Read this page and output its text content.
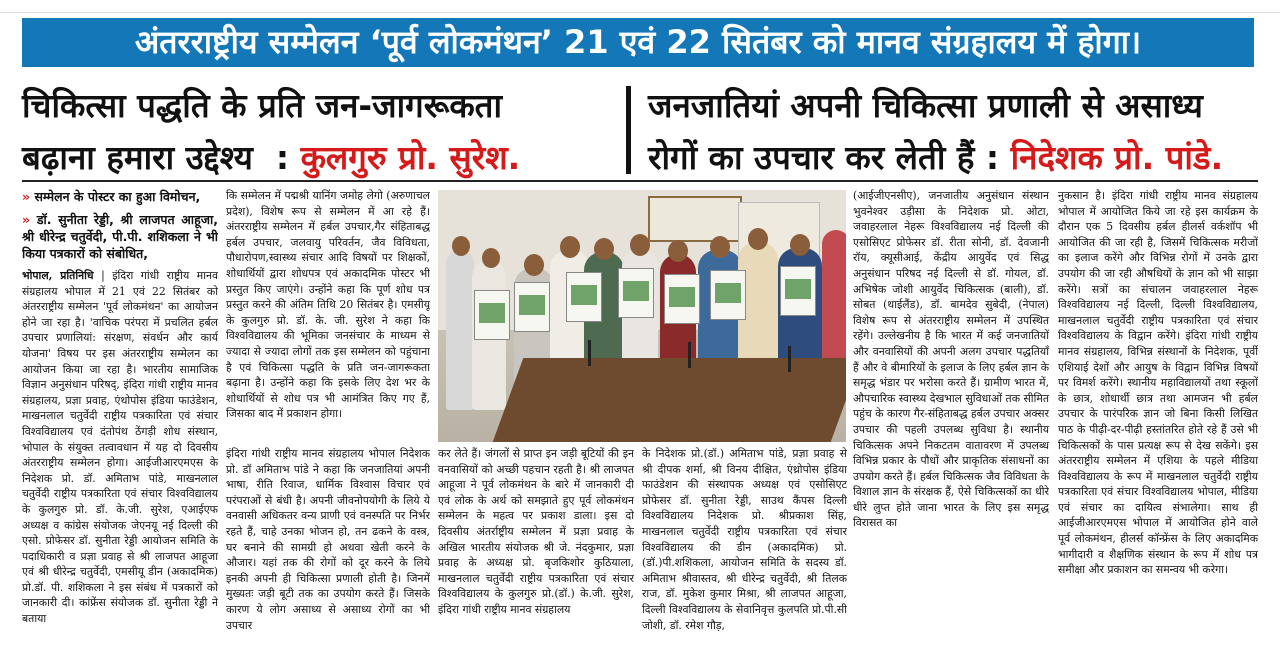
अंतरराष्ट्रीय सम्मेलन ‘पूर्व लोकमंथन’ 21 एवं 22 सितंबर को मानव संग्रहालय में होगा।
चिकित्सा पद्धति के प्रति जन-जागरूकता
बढ़ाना हमारा उद्देश्य  : कुलगुरु प्रो. सुरेश.
जनजातियां अपनी चिकित्सा प्रणाली से असाध्य
रोगों का उपचार कर लेती हैं : निदेशक प्रो. पांडे.
» सम्मेलन के पोस्टर का हुआ विमोचन,
» डॉ. सुनीता रेड्डी, श्री लाजपत आहूजा, श्री धीरेन्द्र चतुर्वेदी, पी.पी. शशिकला ने भी किया पत्रकारों को संबोधित,

भोपाल, प्रतिनिधि | इंदिरा गांधी राष्ट्रीय मानव संग्रहालय भोपाल में 21 एवं 22 सितंबर को अंतरराष्ट्रीय सम्मेलन 'पूर्व लोकमंथन' का आयोजन होने जा रहा है। 'वाचिक परंपरा में प्रचलित हर्बल उपचार प्रणालियां: संरक्षण, संवर्धन और कार्य योजना' विषय पर इस अंतरराष्ट्रीय सम्मेलन का आयोजन किया जा रहा है। भारतीय सामाजिक विज्ञान अनुसंधान परिषद्, इंदिरा गांधी राष्ट्रीय मानव संग्रहालय, प्रज्ञा प्रवाह, एंथोपोस इंडिया फाउंडेशन, माखनलाल चतुर्वेदी राष्ट्रीय पत्रकारिता एवं संचार विश्वविद्यालय एवं दंतोपंथ ठेंगड़ी शोध संस्थान, भोपाल के संयुक्त तत्वावधान में यह दो दिवसीय अंतरराष्ट्रीय सम्मेलन होगा। आईजीआरएमएस के निदेशक प्रो. डॉ. अमिताभ पांडे, माखनलाल चतुर्वेदी राष्ट्रीय पत्रकारिता एवं संचार विश्वविद्यालय के कुलगुरु प्रो. डॉ. के.जी. सुरेश, एआईएफ अध्यक्ष व कांग्रेस संयोजक जेएनयू नई दिल्ली की एसो. प्रोफेसर डॉ. सुनीता रेड्डी आयोजन समिति के पदाधिकारी व प्रज्ञा प्रवाह से श्री लाजपत आहूजा एवं श्री धीरेन्द्र चतुर्वेदी, एमसीयू डीन (अकादमिक) प्रो.डॉ. पी. शशिकला ने इस संबंध में पत्रकारों को जानकारी दी। कांफ्रेंस संयोजक डॉ. सुनीता रेड्डी ने बताया

कि सम्मेलन में पद्मश्री यानिंग जमोह लेगो (अरुणाचल प्रदेश), विशेष रूप से सम्मेलन में आ रहे हैं। अंतरराष्ट्रीय सम्मेलन में हर्बल उपचार,गैर संहिताबद्ध हर्बल उपचार, जलवायु परिवर्तन, जैव विविधता, पौधारोपण,स्वास्थ्य संचार आदि विषयों पर शिक्षकों, शोधार्थियों द्वारा शोधपत्र एवं अकादमिक पोस्टर भी प्रस्तुत किए जाएंगे। उन्होंने कहा कि पूर्ण शोध पत्र प्रस्तुत करने की अंतिम तिथि 20 सितंबर है। एमसीयू के कुलगुरु प्रो. डॉ. के. जी. सुरेश ने कहा कि विश्वविद्यालय की भूमिका जनसंचार के माध्यम से ज्यादा से ज्यादा लोगों तक इस सम्मेलन को पहुंचाना है एवं चिकित्सा पद्धति के प्रति जन-जागरूकता बढ़ाना है। उन्होंने कहा कि इसके लिए देश भर के शोधार्थियों से शोध पत्र भी आमंत्रित किए गए हैं, जिसका बाद में प्रकाशन होगा।

इंदिरा गांधी राष्ट्रीय मानव संग्रहालय भोपाल निदेशक प्रो. डॉ अमिताभ पांडे ने कहा कि जनजातियां अपनी भाषा, रीति रिवाज, धार्मिक विश्वास विचार एवं परंपराओं से बंधी है। अपनी जीवनोपयोगी के लिये ये वनवासी अधिकतर वन्य प्राणी एवं वनस्पति पर निर्भर रहते हैं, चाहे उनका भोजन हो, तन ढकने के वस्त्र, घर बनाने की सामग्री हो अथवा खेती करने के औजार। यहां तक की रोगों को दूर करने के लिये इनकी अपनी ही चिकित्सा प्रणाली होती है। जिनमें मुख्यतः जड़ी बूटी तक का उपयोग करते हैं। जिसके कारण ये लोग असाध्य से असाध्य रोगों का भी उपचार

कर लेते हैं। जंगलों से प्राप्त इन जड़ी बूटियों की इन वनवासियों को अच्छी पहचान रहती है। श्री लाजपत आहूजा ने पूर्व लोकमंथन के बारे में जानकारी दी एवं लोक के अर्थ को समझाते हुए पूर्व लोकमंथन सम्मेलन के महत्व पर प्रकाश डाला। इस दो दिवसीय अंतर्राष्ट्रीय सम्मेलन में प्रज्ञा प्रवाह के अखिल भारतीय संयोजक श्री जे. नंदकुमार, प्रज्ञा प्रवाह के अध्यक्ष प्रो. बृजकिशोर कुठियाला, माखनलाल चतुर्वेदी राष्ट्रीय पत्रकारिता एवं संचार विश्वविद्यालय के कुलगुरु प्रो.(डॉ.) के.जी. सुरेश, इंदिरा गांधी राष्ट्रीय मानव संग्रहालय

के निदेशक प्रो.(डॉ.) अमिताभ पांडे, प्रज्ञा प्रवाह से श्री दीपक शर्मा, श्री विनय दीक्षित, एंथ्रोपोस इंडिया फाउंडेशन की संस्थापक अध्यक्ष एवं एसोसिएट प्रोफेसर डॉ. सुनीता रेड्डी, साउथ कैंपस दिल्ली विश्वविद्यालय निदेशक प्रो. श्रीप्रकाश सिंह, माखनलाल चतुर्वेदी राष्ट्रीय पत्रकारिता एवं संचार विश्वविद्यालय की डीन (अकादमिक) प्रो. (डॉ.)पी.शशिकला, आयोजन समिति के सदस्य डॉ. अमिताभ श्रीवास्तव, श्री धीरेन्द्र चतुर्वेदी, श्री तिलक राज, डॉ. मुकेश कुमार मिश्रा, श्री लाजपत आहूजा, दिल्ली विश्वविद्यालय के सेवानिवृत्त कुलपति प्रो.पी.सी जोशी, डॉ. रमेश गौड़,

(आईजीएनसीए), जनजातीय अनुसंधान संस्थान भुवनेश्वर उड़ीसा के निदेशक प्रो. ओटा, जवाहरलाल नेहरू विश्वविद्यालय नई दिल्ली की एसोसिएट प्रोफेसर डॉ. रीता सोनी, डॉ. देवजानी रॉय, क्यूसीआई, केंद्रीय आयुर्वेद एवं सिद्ध अनुसंधान परिषद नई दिल्ली से डॉ. गोयल, डॉ. अभिषेक जोशी आयुर्वेद चिकित्सक (बाली), डॉ. सोबत (थाईलैंड), डॉ. बामदेव सुबेदी, (नेपाल) विशेष रूप से अंतरराष्ट्रीय सम्मेलन में उपस्थित रहेंगे। उल्लेखनीय है कि भारत में कई जनजातियों और वनवासियों की अपनी अलग उपचार पद्धतियाँ हैं और वे बीमारियों के इलाज के लिए हर्बल ज्ञान के समृद्ध भंडार पर भरोसा करते हैं। ग्रामीण भारत में, औपचारिक स्वास्थ्य देखभाल सुविधाओं तक सीमित पहुंच के कारण गैर-संहिताबद्ध हर्बल उपचार अक्सर उपचार की पहली उपलब्ध सुविधा है। स्थानीय चिकित्सक अपने निकटतम वातावरण में उपलब्ध विभिन्न प्रकार के पौधों और प्राकृतिक संसाधनों का उपयोग करते हैं। हर्बल चिकित्सक जैव विविधता के विशाल ज्ञान के संरक्षक हैं, ऐसे चिकित्सकों का धीरे धीरे लुप्त होते जाना भारत के लिए इस समृद्ध विरासत का

नुकसान है। इंदिरा गांधी राष्ट्रीय मानव संग्रहालय भोपाल में आयोजित किये जा रहे इस कार्यक्रम के दौरान एक 5 दिवसीय हर्बल हीलर्स वर्कशॉप भी आयोजित की जा रही है, जिसमें चिकित्सक मरीजों का इलाज करेंगे और विभिन्न रोगों में उनके द्वारा उपयोग की जा रही औषधियों के ज्ञान को भी साझा करेंगे। सत्रों का संचालन जवाहरलाल नेहरू विश्वविद्यालय नई दिल्ली, दिल्ली विश्वविद्यालय, माखनलाल चतुर्वेदी राष्ट्रीय पत्रकारिता एवं संचार विश्वविद्यालय के विद्वान करेंगे। इंदिरा गांधी राष्ट्रीय मानव संग्रहालय, विभिन्न संस्थानों के निदेशक, पूर्वी एशियाई देशों और आयुष के विद्वान विभिन्न विषयों पर विमर्श करेंगे। स्थानीय महाविद्यालयों तथा स्कूलों के छात्र, शोधार्थी छात्र तथा आमजन भी हर्बल उपचार के पारंपरिक ज्ञान जो बिना किसी लिखित पाठ के पीढ़ी-दर-पीढ़ी हस्तांतरित होते रहे हैं उसे भी चिकित्सकों के पास प्रत्यक्ष रूप से देख सकेंगे। इस अंतरराष्ट्रीय सम्मेलन में एशिया के पहले मीडिया विश्वविद्यालय के रूप में माखनलाल चतुर्वेदी राष्ट्रीय पत्रकारिता एवं संचार विश्वविद्यालय भोपाल, मीडिया एवं संचार का दायित्व संभालेगा। साथ ही आईजीआरएमएस भोपाल में आयोजित होने वाले पूर्व लोकमंथन, हीलर्स कॉन्फ्रेंस के लिए अकादमिक भागीदारी व शैक्षणिक संस्थान के रूप में शोध पत्र समीक्षा और प्रकाशन का समन्वय भी करेगा।
